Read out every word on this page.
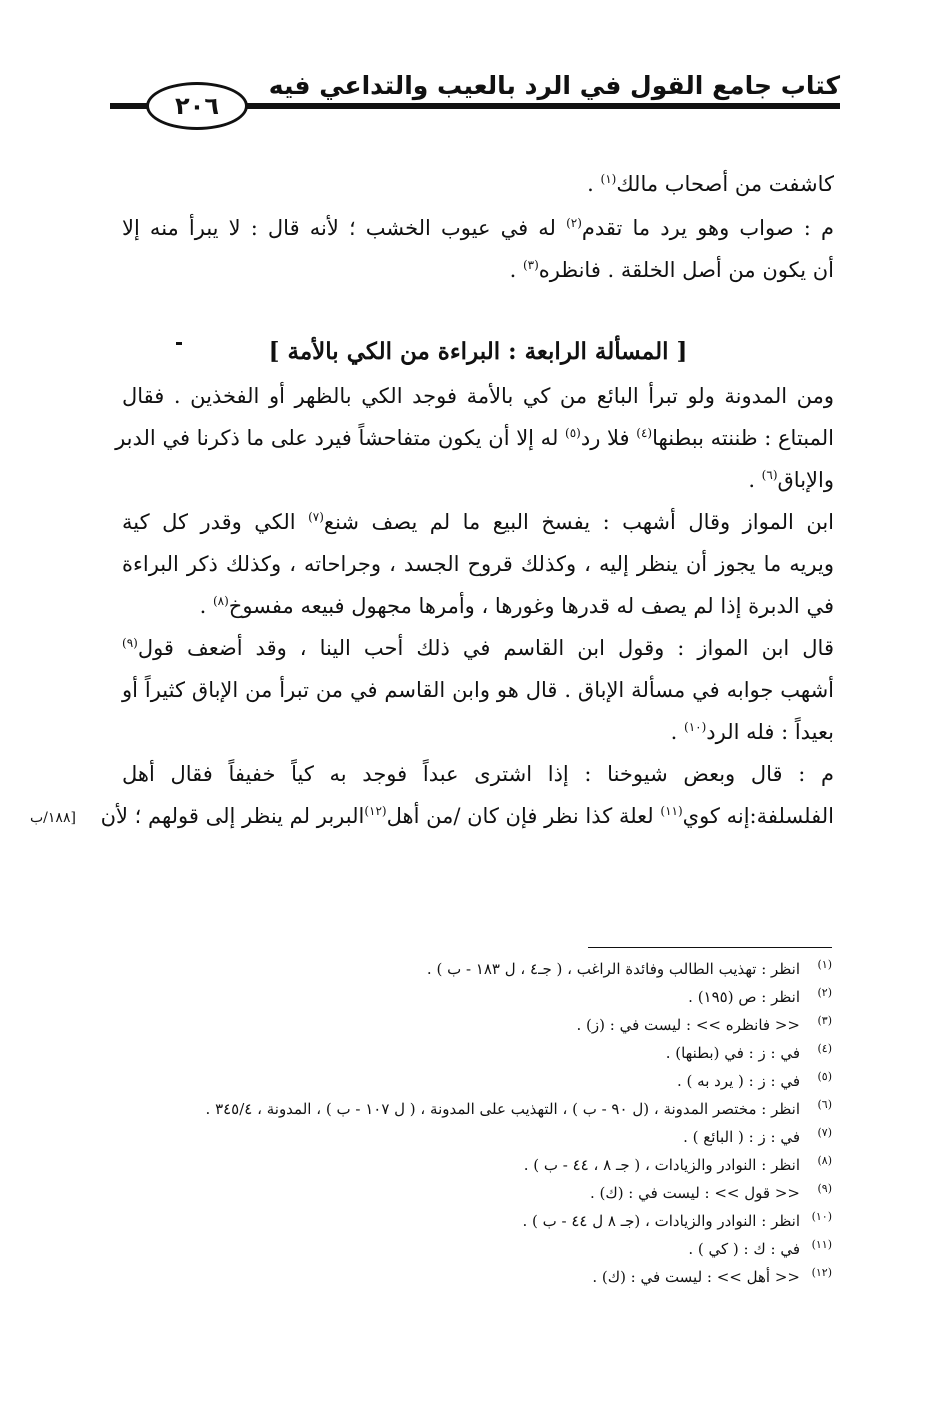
كتاب جامع القول في الرد بالعيب والتداعي فيه
٢٠٦
كاشفت من أصحاب مالك$^{(١)}$ .
م : صواب وهو يرد ما تقدم$^{(٢)}$ له في عيوب الخشب ؛ لأنه قال : لا يبرأ منه إلا
أن يكون من أصل الخلقة . فانظره$^{(٣)}$ .
[ المسألة الرابعة : البراءة من الكي بالأمة ]
ومن المدونة ولو تبرأ البائع من كي بالأمة فوجد الكي بالظهر أو الفخذين . فقال
المبتاع : ظننته ببطنها$^{(٤)}$ فلا رد$^{(٥)}$ له إلا أن يكون متفاحشاً فيرد على ما ذكرنا في الدبر
والإباق$^{(٦)}$ .
ابن المواز وقال أشهب : يفسخ البيع ما لم يصف شنع$^{(٧)}$ الكي وقدر كل كية
ويريه ما يجوز أن ينظر إليه ، وكذلك قروح الجسد ، وجراحاته ، وكذلك ذكر البراءة
في الدبرة إذا لم يصف له قدرها وغورها ، وأمرها مجهول فبيعه مفسوخ$^{(٨)}$ .
قال ابن المواز : وقول ابن القاسم في ذلك أحب الينا ، وقد أضعف قول$^{(٩)}$
أشهب جوابه في مسألة الإباق . قال هو وابن القاسم في من تبرأ من الإباق كثيراً أو
بعيداً : فله الرد$^{(١٠)}$ .
م : قال وبعض شيوخنا : إذا اشترى عبداً فوجد به كياً خفيفاً فقال أهل
الفلسلفة:إنه كوي$^{(١١)}$ لعلة كذا نظر فإن كان /من أهل$^{(١٢)}$البربر لم ينظر إلى قولهم ؛ لأن
[١٨٨/ب
(١)انظر : تهذيب الطالب وفائدة الراغب ، ( جـ٤ ، ل ١٨٣ - ب ) .
(٢)انظر : ص (١٩٥) .
(٣)<< فانظره >> : ليست في : (ز) .
(٤)في : ز : في (بطنها) .
(٥)في : ز : ( يرد به ) .
(٦)انظر : مختصر المدونة ، (ل ٩٠ - ب ) ، التهذيب على المدونة ، ( ل ١٠٧ - ب ) ، المدونة ، ٣٤٥/٤ .
(٧)في : ز : ( البائع ) .
(٨)انظر : النوادر والزيادات ، ( جـ ٨ ، ٤٤ - ب ) .
(٩)<< قول >> : ليست في : (ك) .
(١٠)انظر : النوادر والزيادات ، (جـ ٨ ل ٤٤ - ب ) .
(١١)في : ك : ( كي ) .
(١٢)<< أهل >> : ليست في : (ك) .
